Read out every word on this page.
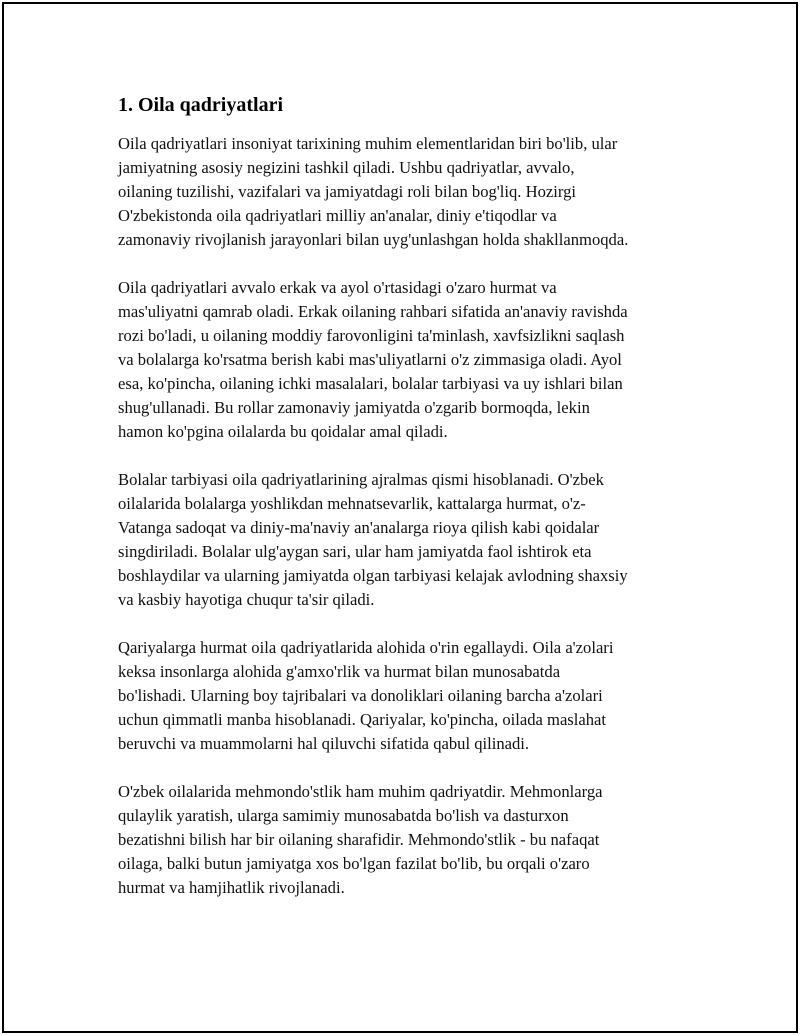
1. Oila qadriyatlari

Oila qadriyatlari insoniyat tarixining muhim elementlaridan biri bo'lib, ular
jamiyatning asosiy negizini tashkil qiladi. Ushbu qadriyatlar, avvalo,
oilaning tuzilishi, vazifalari va jamiyatdagi roli bilan bog'liq. Hozirgi
O'zbekistonda oila qadriyatlari milliy an'analar, diniy e'tiqodlar va
zamonaviy rivojlanish jarayonlari bilan uyg'unlashgan holda shakllanmoqda.

Oila qadriyatlari avvalo erkak va ayol o'rtasidagi o'zaro hurmat va
mas'uliyatni qamrab oladi. Erkak oilaning rahbari sifatida an'anaviy ravishda
rozi bo'ladi, u oilaning moddiy farovonligini ta'minlash, xavfsizlikni saqlash
va bolalarga ko'rsatma berish kabi mas'uliyatlarni o'z zimmasiga oladi. Ayol
esa, ko'pincha, oilaning ichki masalalari, bolalar tarbiyasi va uy ishlari bilan
shug'ullanadi. Bu rollar zamonaviy jamiyatda o'zgarib bormoqda, lekin
hamon ko'pgina oilalarda bu qoidalar amal qiladi.

Bolalar tarbiyasi oila qadriyatlarining ajralmas qismi hisoblanadi. O'zbek
oilalarida bolalarga yoshlikdan mehnatsevarlik, kattalarga hurmat, o'z-
Vatanga sadoqat va diniy-ma'naviy an'analarga rioya qilish kabi qoidalar
singdiriladi. Bolalar ulg'aygan sari, ular ham jamiyatda faol ishtirok eta
boshlaydilar va ularning jamiyatda olgan tarbiyasi kelajak avlodning shaxsiy
va kasbiy hayotiga chuqur ta'sir qiladi.

Qariyalarga hurmat oila qadriyatlarida alohida o'rin egallaydi. Oila a'zolari
keksa insonlarga alohida g'amxo'rlik va hurmat bilan munosabatda
bo'lishadi. Ularning boy tajribalari va donoliklari oilaning barcha a'zolari
uchun qimmatli manba hisoblanadi. Qariyalar, ko'pincha, oilada maslahat
beruvchi va muammolarni hal qiluvchi sifatida qabul qilinadi.

O'zbek oilalarida mehmondo'stlik ham muhim qadriyatdir. Mehmonlarga
qulaylik yaratish, ularga samimiy munosabatda bo'lish va dasturxon
bezatishni bilish har bir oilaning sharafidir. Mehmondo'stlik - bu nafaqat
oilaga, balki butun jamiyatga xos bo'lgan fazilat bo'lib, bu orqali o'zaro
hurmat va hamjihatlik rivojlanadi.
